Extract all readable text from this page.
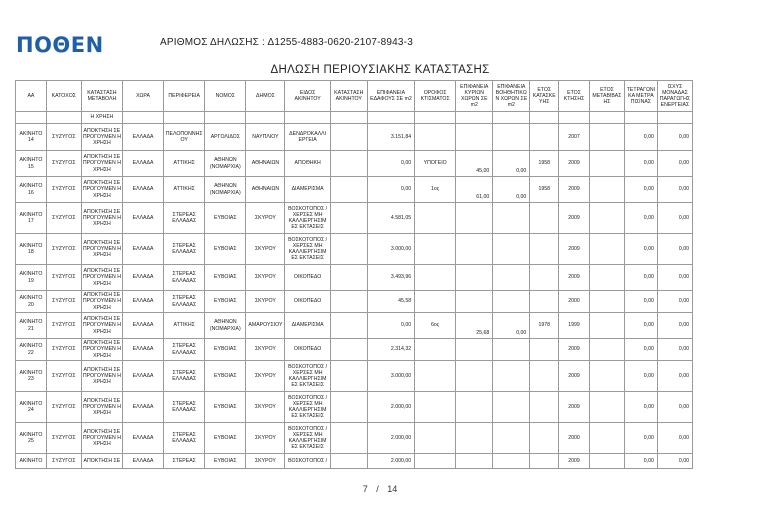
ΠΟΘΕΝ	ΑΡΙΘΜΟΣ ΔΗΛΩΣΗΣ : Δ1255-4883-0620-2107-8943-3
ΔΗΛΩΣΗ ΠΕΡΙΟΥΣΙΑΚΗΣ ΚΑΤΑΣΤΑΣΗΣ
ΑΑ	ΚΑΤΟΧΟΣ	ΚΑΤΑΣΤΑΣΗ ΜΕΤΑΒΟΛΗ	ΧΩΡΑ	ΠΕΡΙΦΕΡΕΙΑ	ΝΟΜΟΣ	ΔΗΜΟΣ	ΕΙΔΟΣ ΑΚΙΝΗΤΟΥ	ΚΑΤΑΣΤΑΣΗ ΑΚΙΝΗΤΟΥ	ΕΠΙΦΑΝΕΙΑ ΕΔΑΦΟΥΣ ΣΕ m2	ΟΡΟΦΟΣ ΚΤΙΣΜΑΤΟΣ	ΕΠΙΦΑΝΕΙΑ ΚΥΡΙΩΝ ΧΩΡΩΝ ΣΕ m2	ΕΠΙΦΑΝΕΙΑ ΒΟΗΘΗΤΙΚΩΝ ΧΩΡΩΝ ΣΕ m2	ΕΤΟΣ ΚΑΤΑΣΚΕΥΗΣ	ΕΤΟΣ ΚΤΗΣΗΣ	ΕΤΟΣ ΜΕΤΑΒΙΒΑΣΗΣ	ΤΕΤΡΑΓΩΝΙΚΑ ΜΕΤΡΑ ΠΙΣΙΝΑΣ	ΙΣΧΥΣ ΜΟΝΑΔΑΣ ΠΑΡΑΓΩΓΗΣ ΕΝΕΡΓΕΙΑΣ
		Η ΧΡΗΣΗ															
ΑΚΙΝΗΤΟ 14	ΣΥΖΥΓΟΣ	ΑΠΟΚΤΗΣΗ ΣΕ ΠΡΟΓΟΥΜΕΝ Η ΧΡΗΣΗ	ΕΛΛΑΔΑ	ΠΕΛΟΠΟΝΝΗΣ ΟΥ	ΑΡΓΟΛΙΔΟΣ	ΝΑΥΠΛΙΟΥ	ΔΕΝΔΡΟΚΑΛΛΙ ΕΡΓΕΙΑ		3.151,84					2007		0,00	0,00
ΑΚΙΝΗΤΟ 15	ΣΥΖΥΓΟΣ	ΑΠΟΚΤΗΣΗ ΣΕ ΠΡΟΓΟΥΜΕΝ Η ΧΡΗΣΗ	ΕΛΛΑΔΑ	ΑΤΤΙΚΗΣ	ΑΘΗΝΩΝ (ΝΟΜΑΡΧΙΑ)	ΑΘΗΝΑΙΩΝ	ΑΠΟΘΗΚΗ		0,00	ΥΠΟΓΕΙΟ	45,00	0,00	1958	2009		0,00	0,00
ΑΚΙΝΗΤΟ 16	ΣΥΖΥΓΟΣ	ΑΠΟΚΤΗΣΗ ΣΕ ΠΡΟΓΟΥΜΕΝ Η ΧΡΗΣΗ	ΕΛΛΑΔΑ	ΑΤΤΙΚΗΣ	ΑΘΗΝΩΝ (ΝΟΜΑΡΧΙΑ)	ΑΘΗΝΑΙΩΝ	ΔΙΑΜΕΡΙΣΜΑ		0,00	1ος	61,00	0,00	1958	2009		0,00	0,00
ΑΚΙΝΗΤΟ 17	ΣΥΖΥΓΟΣ	ΑΠΟΚΤΗΣΗ ΣΕ ΠΡΟΓΟΥΜΕΝ Η ΧΡΗΣΗ	ΕΛΛΑΔΑ	ΣΤΕΡΕΑΣ ΕΛΛΑΔΑΣ	ΕΥΒΟΙΑΣ	ΣΚΥΡΟΥ	ΒΟΣΚΟΤΟΠΟΣ / ΧΕΡΣΕΣ ΜΗ ΚΑΛΛΙΕΡΓΗΣΙΜ ΕΣ ΕΚΤΑΣΕΙΣ		4.581,05					2009		0,00	0,00
ΑΚΙΝΗΤΟ 18	ΣΥΖΥΓΟΣ	ΑΠΟΚΤΗΣΗ ΣΕ ΠΡΟΓΟΥΜΕΝ Η ΧΡΗΣΗ	ΕΛΛΑΔΑ	ΣΤΕΡΕΑΣ ΕΛΛΑΔΑΣ	ΕΥΒΟΙΑΣ	ΣΚΥΡΟΥ	ΒΟΣΚΟΤΟΠΟΣ / ΧΕΡΣΕΣ ΜΗ ΚΑΛΛΙΕΡΓΗΣΙΜ ΕΣ ΕΚΤΑΣΕΙΣ		3.000,00					2009		0,00	0,00
ΑΚΙΝΗΤΟ 19	ΣΥΖΥΓΟΣ	ΑΠΟΚΤΗΣΗ ΣΕ ΠΡΟΓΟΥΜΕΝ Η ΧΡΗΣΗ	ΕΛΛΑΔΑ	ΣΤΕΡΕΑΣ ΕΛΛΑΔΑΣ	ΕΥΒΟΙΑΣ	ΣΚΥΡΟΥ	ΟΙΚΟΠΕΔΟ		3.493,96					2009		0,00	0,00
ΑΚΙΝΗΤΟ 20	ΣΥΖΥΓΟΣ	ΑΠΟΚΤΗΣΗ ΣΕ ΠΡΟΓΟΥΜΕΝ Η ΧΡΗΣΗ	ΕΛΛΑΔΑ	ΣΤΕΡΕΑΣ ΕΛΛΑΔΑΣ	ΕΥΒΟΙΑΣ	ΣΚΥΡΟΥ	ΟΙΚΟΠΕΔΟ		45,58					2000		0,00	0,00
ΑΚΙΝΗΤΟ 21	ΣΥΖΥΓΟΣ	ΑΠΟΚΤΗΣΗ ΣΕ ΠΡΟΓΟΥΜΕΝ Η ΧΡΗΣΗ	ΕΛΛΑΔΑ	ΑΤΤΙΚΗΣ	ΑΘΗΝΩΝ (ΝΟΜΑΡΧΙΑ)	ΑΜΑΡΟΥΣΙΟΥ	ΔΙΑΜΕΡΙΣΜΑ		0,00	6ος	25,68	0,00	1978	1999		0,00	0,00
ΑΚΙΝΗΤΟ 22	ΣΥΖΥΓΟΣ	ΑΠΟΚΤΗΣΗ ΣΕ ΠΡΟΓΟΥΜΕΝ Η ΧΡΗΣΗ	ΕΛΛΑΔΑ	ΣΤΕΡΕΑΣ ΕΛΛΑΔΑΣ	ΕΥΒΟΙΑΣ	ΣΚΥΡΟΥ	ΟΙΚΟΠΕΔΟ		2.314,32					2009		0,00	0,00
ΑΚΙΝΗΤΟ 23	ΣΥΖΥΓΟΣ	ΑΠΟΚΤΗΣΗ ΣΕ ΠΡΟΓΟΥΜΕΝ Η ΧΡΗΣΗ	ΕΛΛΑΔΑ	ΣΤΕΡΕΑΣ ΕΛΛΑΔΑΣ	ΕΥΒΟΙΑΣ	ΣΚΥΡΟΥ	ΒΟΣΚΟΤΟΠΟΣ / ΧΕΡΣΕΣ ΜΗ ΚΑΛΛΙΕΡΓΗΣΙΜ ΕΣ ΕΚΤΑΣΕΙΣ		3.000,00					2009		0,00	0,00
ΑΚΙΝΗΤΟ 24	ΣΥΖΥΓΟΣ	ΑΠΟΚΤΗΣΗ ΣΕ ΠΡΟΓΟΥΜΕΝ Η ΧΡΗΣΗ	ΕΛΛΑΔΑ	ΣΤΕΡΕΑΣ ΕΛΛΑΔΑΣ	ΕΥΒΟΙΑΣ	ΣΚΥΡΟΥ	ΒΟΣΚΟΤΟΠΟΣ / ΧΕΡΣΕΣ ΜΗ ΚΑΛΛΙΕΡΓΗΣΙΜ ΕΣ ΕΚΤΑΣΕΙΣ		2.000,00					2009		0,00	0,00
ΑΚΙΝΗΤΟ 25	ΣΥΖΥΓΟΣ	ΑΠΟΚΤΗΣΗ ΣΕ ΠΡΟΓΟΥΜΕΝ Η ΧΡΗΣΗ	ΕΛΛΑΔΑ	ΣΤΕΡΕΑΣ ΕΛΛΑΔΑΣ	ΕΥΒΟΙΑΣ	ΣΚΥΡΟΥ	ΒΟΣΚΟΤΟΠΟΣ / ΧΕΡΣΕΣ ΜΗ ΚΑΛΛΙΕΡΓΗΣΙΜ ΕΣ ΕΚΤΑΣΕΙΣ		2.000,00					2000		0,00	0,00
ΑΚΙΝΗΤΟ	ΣΥΖΥΓΟΣ	ΑΠΟΚΤΗΣΗ ΣΕ	ΕΛΛΑΔΑ	ΣΤΕΡΕΑΣ	ΕΥΒΟΙΑΣ	ΣΚΥΡΟΥ	ΒΟΣΚΟΤΟΠΟΣ /		2.000,00					2009		0,00	0,00
7 / 14
